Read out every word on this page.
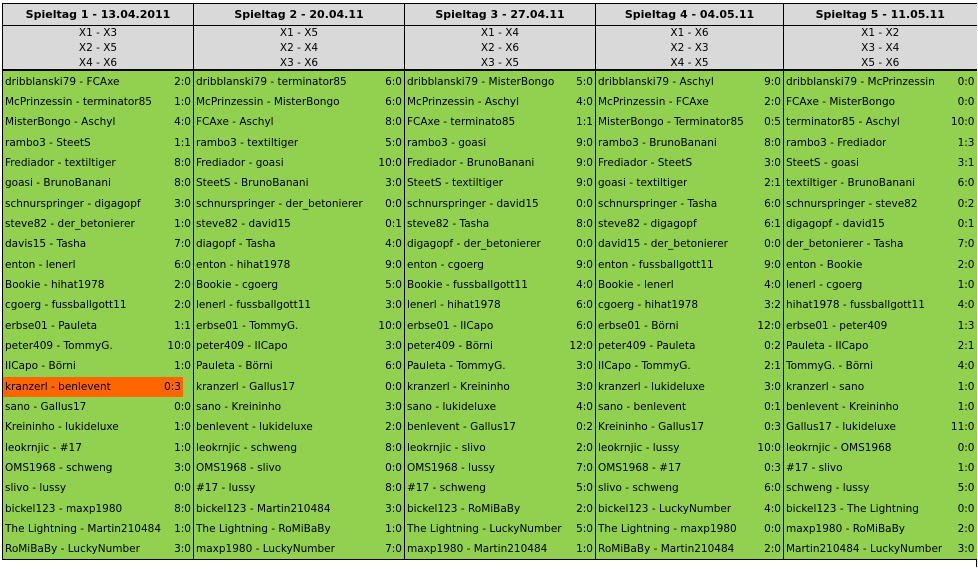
Spieltag 1 - 13.04.2011
X1 - X3
X2 - X5
X4 - X6
dribblanski79 - FCAxe	2:0
McPrinzessin - terminator85	1:0
MisterBongo - Aschyl	4:0
rambo3 - SteetS	1:1
Frediador - textiltiger	8:0
goasi - BrunoBanani	8:0
schnurspringer - digagopf	3:0
steve82 - der_betonierer	1:0
davis15 - Tasha	7:0
enton - lenerl	6:0
Bookie - hihat1978	2:0
cgoerg - fussballgott11	2:0
erbse01 - Pauleta	1:1
peter409 - TommyG.	10:0
IICapo - Börni	1:0
kranzerl - benlevent	0:3
sano - Gallus17	0:0
Kreininho - lukideluxe	1:0
leokrnjic - #17	1:0
OMS1968 - schweng	3:0
slivo - lussy	0:0
bickel123 - maxp1980	8:0
The Lightning - Martin210484	1:0
RoMiBaBy - LuckyNumber	3:0

Spieltag 2 - 20.04.11
X1 - X5
X2 - X4
X3 - X6
dribblanski79 - terminator85	6:0
McPrinzessin - MisterBongo	6:0
FCAxe - Aschyl	8:0
rambo3 - textiltiger	5:0
Frediador - goasi	10:0
SteetS - BrunoBanani	3:0
schnurspringer - der_betonierer	0:0
steve82 - david15	0:1
diagopf - Tasha	4:0
enton - hihat1978	9:0
Bookie - cgoerg	5:0
lenerl - fussballgott11	3:0
erbse01 - TommyG.	10:0
peter409 - IICapo	3:0
Pauleta - Börni	6:0
kranzerl - Gallus17	0:0
sano - Kreininho	3:0
benlevent - lukideluxe	2:0
leokrnjic - schweng	8:0
OMS1968 - slivo	0:0
#17 - lussy	8:0
bickel123 - Martin210484	3:0
The Lightning - RoMiBaBy	1:0
maxp1980 - LuckyNumber	7:0

Spieltag 3 - 27.04.11
X1 - X4
X2 - X6
X3 - X5
dribblanski79 - MisterBongo	5:0
McPrinzessin - Aschyl	4:0
FCAxe - terminato85	1:1
rambo3 - goasi	9:0
Frediador - BrunoBanani	9:0
SteetS - textiltiger	9:0
schnurspringer - david15	0:0
steve82 - Tasha	8:0
digagopf - der_betonierer	0:0
enton - cgoerg	9:0
Bookie - fussballgott11	4:0
lenerl - hihat1978	6:0
erbse01 - IICapo	6:0
peter409 - Börni	12:0
Pauleta - TommyG.	3:0
kranzerl - Kreininho	3:0
sano - lukideluxe	4:0
benlevent - Gallus17	0:2
leokrnjic - slivo	2:0
OMS1968 - lussy	7:0
#17 - schweng	5:0
bickel123 - RoMiBaBy	2:0
The Lightning - LuckyNumber	5:0
maxp1980 - Martin210484	1:0

Spieltag 4 - 04.05.11
X1 - X6
X2 - X3
X4 - X5
dribblanski79 - Aschyl	9:0
McPrinzessin - FCAxe	2:0
MisterBongo - Terminator85	0:5
rambo3 - BrunoBanani	8:0
Frediador - SteetS	3:0
goasi - textiltiger	2:1
schnurspringer - Tasha	6:0
steve82 - digagopf	6:1
david15 - der_betonierer	0:0
enton - fussballgott11	9:0
Bookie - lenerl	4:0
cgoerg - hihat1978	3:2
erbse01 - Börni	12:0
peter409 - Pauleta	0:2
IICapo - TommyG.	2:1
kranzerl - lukideluxe	3:0
sano - benlevent	0:1
Kreininho - Gallus17	0:3
leokrnjic - lussy	10:0
OMS1968 - #17	0:3
slivo - schweng	6:0
bickel123 - LuckyNumber	4:0
The Lightning - maxp1980	0:0
RoMiBaBy - Martin210484	2:0

Spieltag 5 - 11.05.11
X1 - X2
X3 - X4
X5 - X6
dribblanski79 - McPrinzessin	0:0
FCAxe - MisterBongo	0:0
terminator85 - Aschyl	10:0
rambo3 - Frediador	1:3
SteetS - goasi	3:1
textiltiger - BrunoBanani	6:0
schnurspringer - steve82	0:2
digagopf - david15	0:1
der_betonierer - Tasha	7:0
enton - Bookie	2:0
lenerl - cgoerg	1:0
hihat1978 - fussballgott11	4:0
erbse01 - peter409	1:3
Pauleta - IICapo	2:1
TommyG. - Börni	4:0
kranzerl - sano	1:0
benlevent - Kreininho	1:0
Gallus17 - lukideluxe	11:0
leokrnjic - OMS1968	0:0
#17 - slivo	1:0
schweng - lussy	5:0
bickel123 - The Lightning	0:0
maxp1980 - RoMiBaBy	2:0
Martin210484 - LuckyNumber	3:0
